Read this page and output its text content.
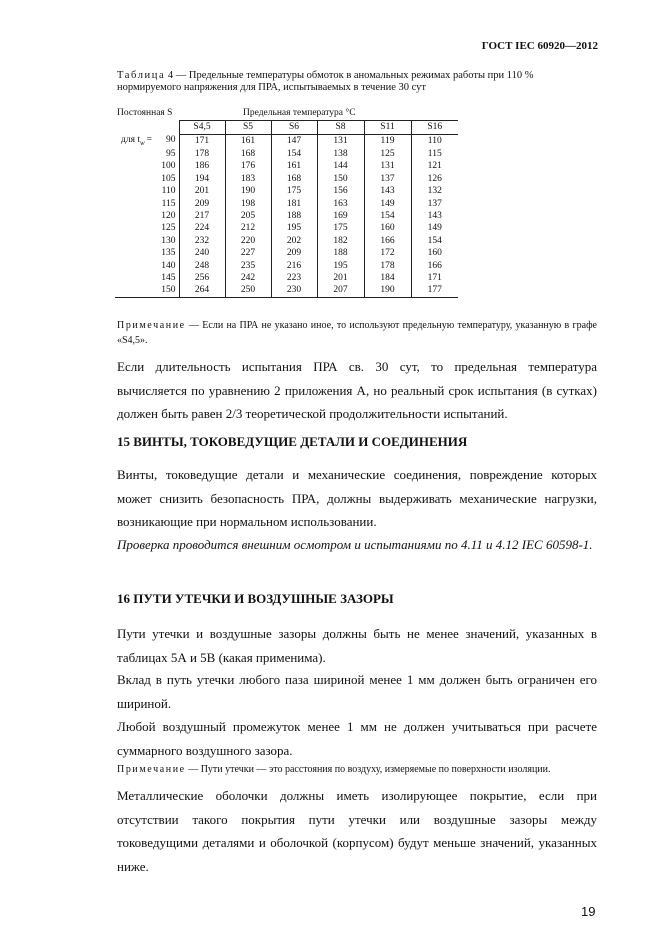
ГОСТ IEC 60920—2012
Таблица 4 — Предельные температуры обмоток в аномальных режимах работы при 110 % нормируемого напряжения для ПРА, испытываемых в течение 30 сут
Постоянная S		Предельная температура °С				
	S4,5	S5	S6	S8	S11	S16
для $t_w = 90$	171	161	147	131	119	110
95	178	168	154	138	125	115
100	186	176	161	144	131	121
105	194	183	168	150	137	126
110	201	190	175	156	143	132
115	209	198	181	163	149	137
120	217	205	188	169	154	143
125	224	212	195	175	160	149
130	232	220	202	182	166	154
135	240	227	209	188	172	160
140	248	235	216	195	178	166
145	256	242	223	201	184	171
150	264	250	230	207	190	177
Примечание — Если на ПРА не указано иное, то используют предельную температуру, указанную в графе «S4,5».
Если длительность испытания ПРА св. 30 сут, то предельная температура вычисляется по уравнению 2 приложения А, но реальный срок испытания (в сутках) должен быть равен 2/3 теоретической продолжительности испытаний.
15 ВИНТЫ, ТОКОВЕДУЩИЕ ДЕТАЛИ И СОЕДИНЕНИЯ
Винты, токоведущие детали и механические соединения, повреждение которых может снизить безопасность ПРА, должны выдерживать механические нагрузки, возникающие при нормальном использовании.
Проверка проводится внешним осмотром и испытаниями по 4.11 и 4.12 IEC 60598-1.
16 ПУТИ УТЕЧКИ И ВОЗДУШНЫЕ ЗАЗОРЫ
Пути утечки и воздушные зазоры должны быть не менее значений, указанных в таблицах 5А и 5В (какая применима).
Вклад в путь утечки любого паза шириной менее 1 мм должен быть ограничен его шириной.
Любой воздушный промежуток менее 1 мм не должен учитываться при расчете суммарного воздушного зазора.
Примечание — Пути утечки — это расстояния по воздуху, измеряемые по поверхности изоляции.
Металлические оболочки должны иметь изолирующее покрытие, если при отсутствии такого покрытия пути утечки или воздушные зазоры между токоведущими деталями и оболочкой (корпусом) будут меньше значений, указанных ниже.
19
